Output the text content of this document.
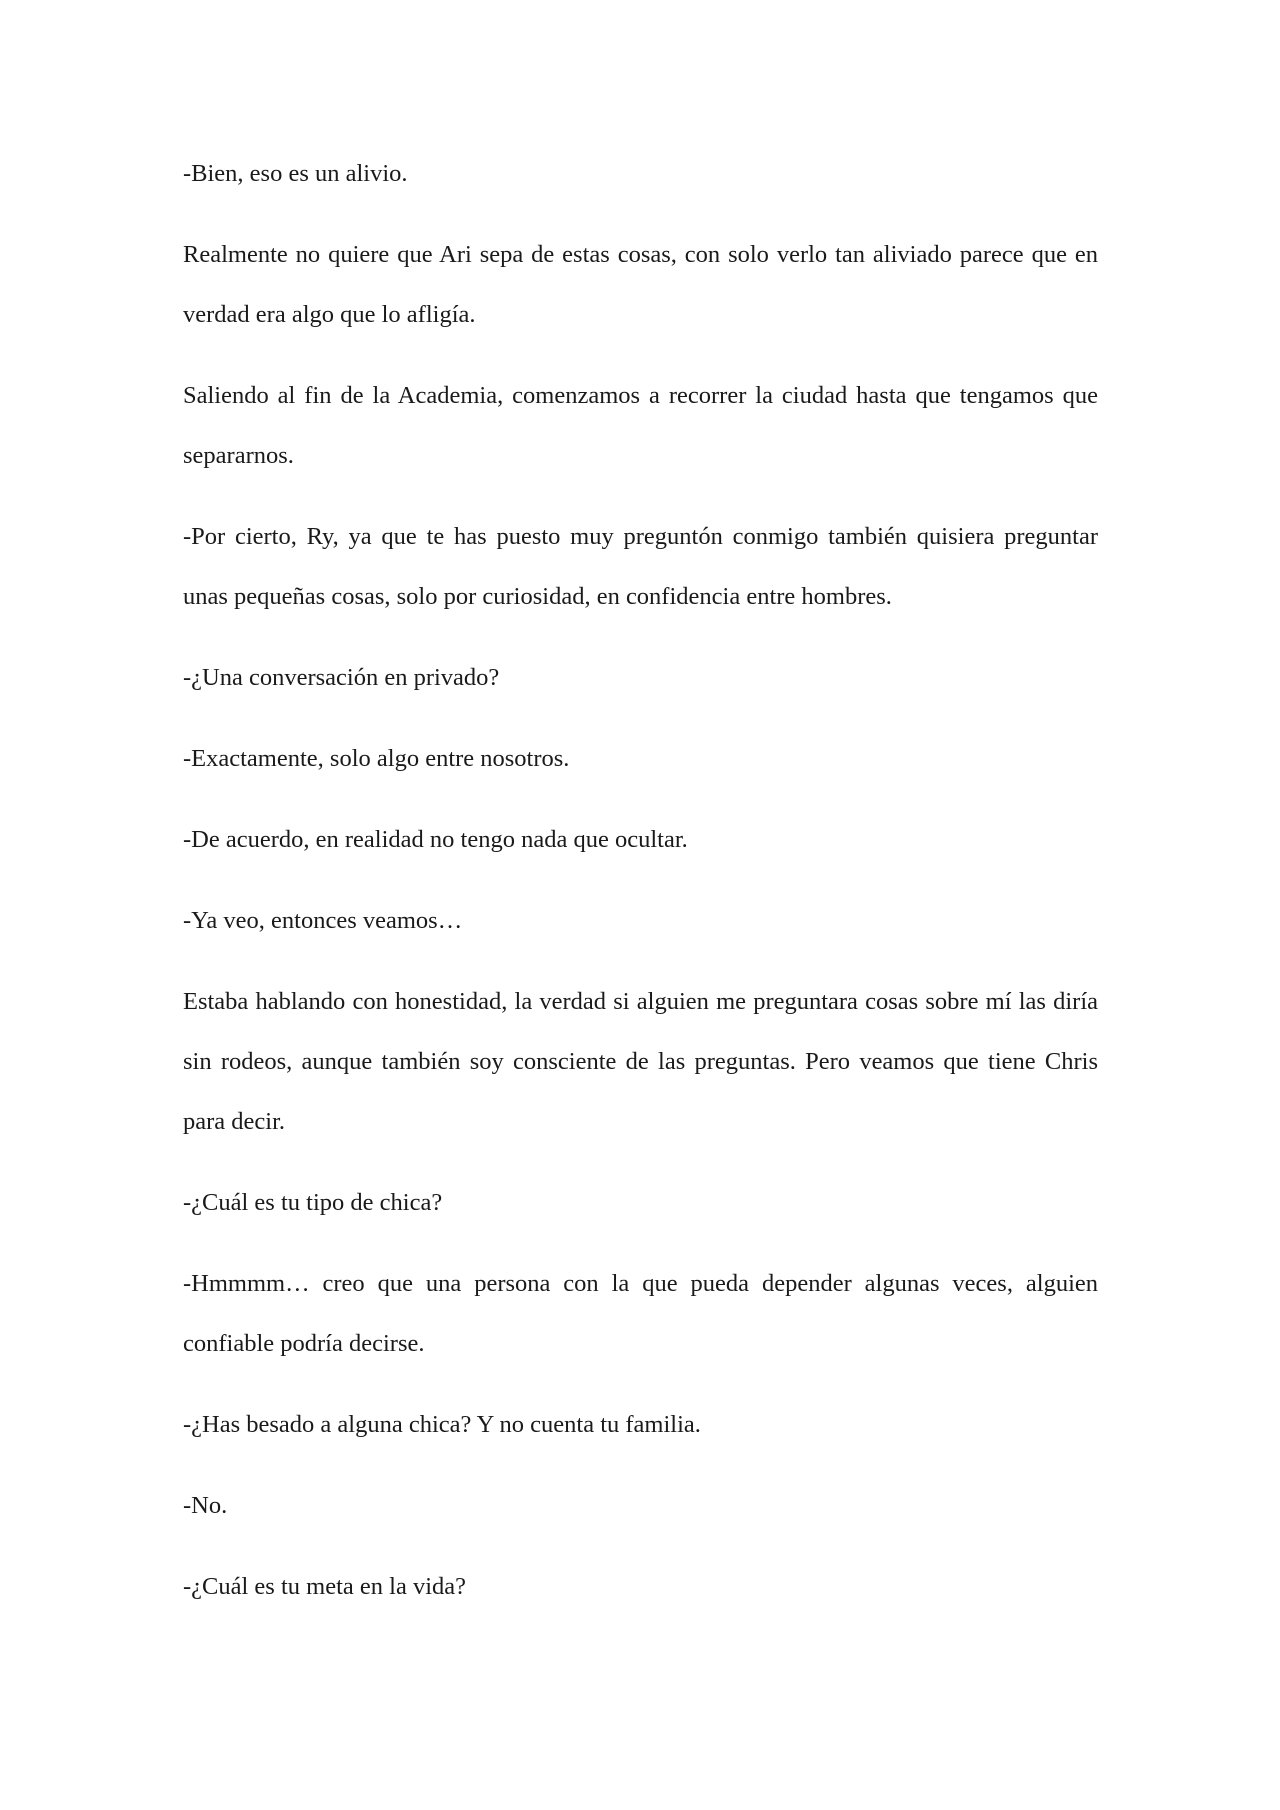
-Bien, eso es un alivio.

Realmente no quiere que Ari sepa de estas cosas, con solo verlo tan aliviado parece que en verdad era algo que lo afligía.

Saliendo al fin de la Academia, comenzamos a recorrer la ciudad hasta que tengamos que separarnos.

-Por cierto, Ry, ya que te has puesto muy preguntón conmigo también quisiera preguntar unas pequeñas cosas, solo por curiosidad, en confidencia entre hombres.

-¿Una conversación en privado?

-Exactamente, solo algo entre nosotros.

-De acuerdo, en realidad no tengo nada que ocultar.

-Ya veo, entonces veamos…

Estaba hablando con honestidad, la verdad si alguien me preguntara cosas sobre mí las diría sin rodeos, aunque también soy consciente de las preguntas. Pero veamos que tiene Chris para decir.

-¿Cuál es tu tipo de chica?

-Hmmmm… creo que una persona con la que pueda depender algunas veces, alguien confiable podría decirse.

-¿Has besado a alguna chica? Y no cuenta tu familia.

-No.

-¿Cuál es tu meta en la vida?
